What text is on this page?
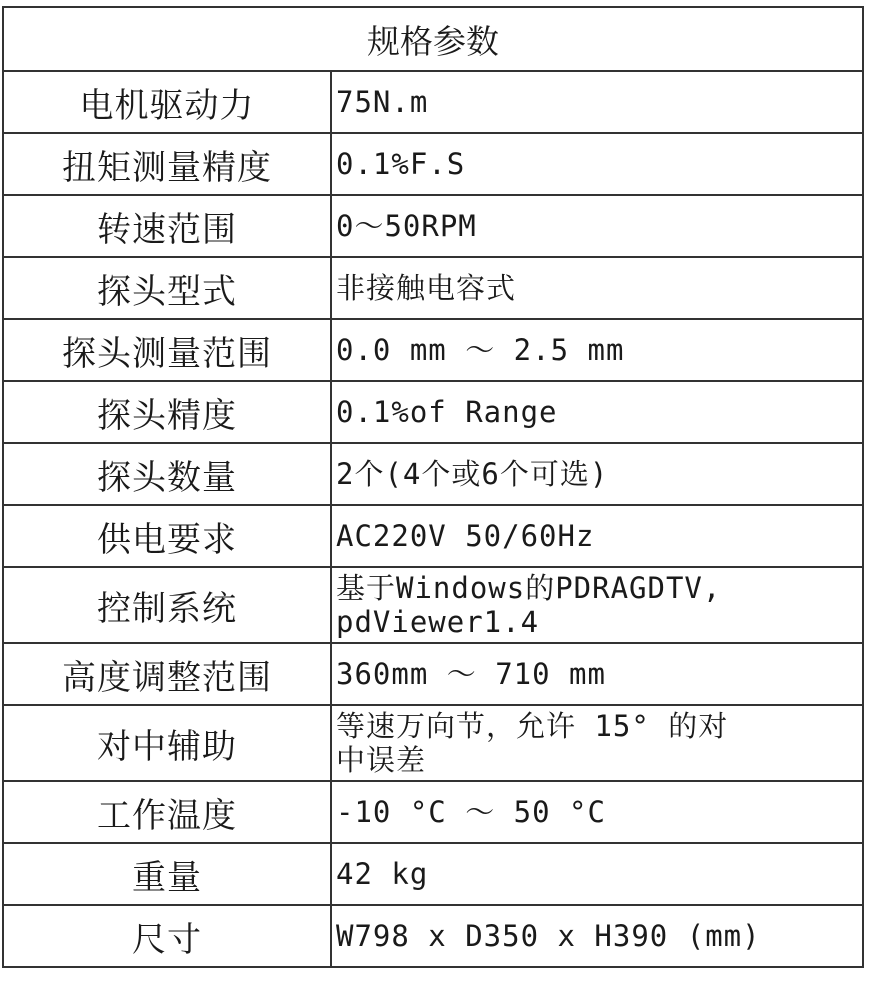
规格参数	
电机驱动力	75N.m
扭矩测量精度	0.1%F.S
转速范围	0～50RPM
探头型式	非接触电容式
探头测量范围	0.0 mm ～ 2.5 mm
探头精度	0.1%of Range
探头数量	2个(4个或6个可选)
供电要求	AC220V 50/60Hz
控制系统	基于Windows的PDRAGDTV,
pdViewer1.4
高度调整范围	360mm ～ 710 mm
对中辅助	等速万向节，允许 15° 的对
中误差
工作温度	-10 °C ～ 50 °C
重量	42 kg
尺寸	W798 x D350 x H390 (mm)
